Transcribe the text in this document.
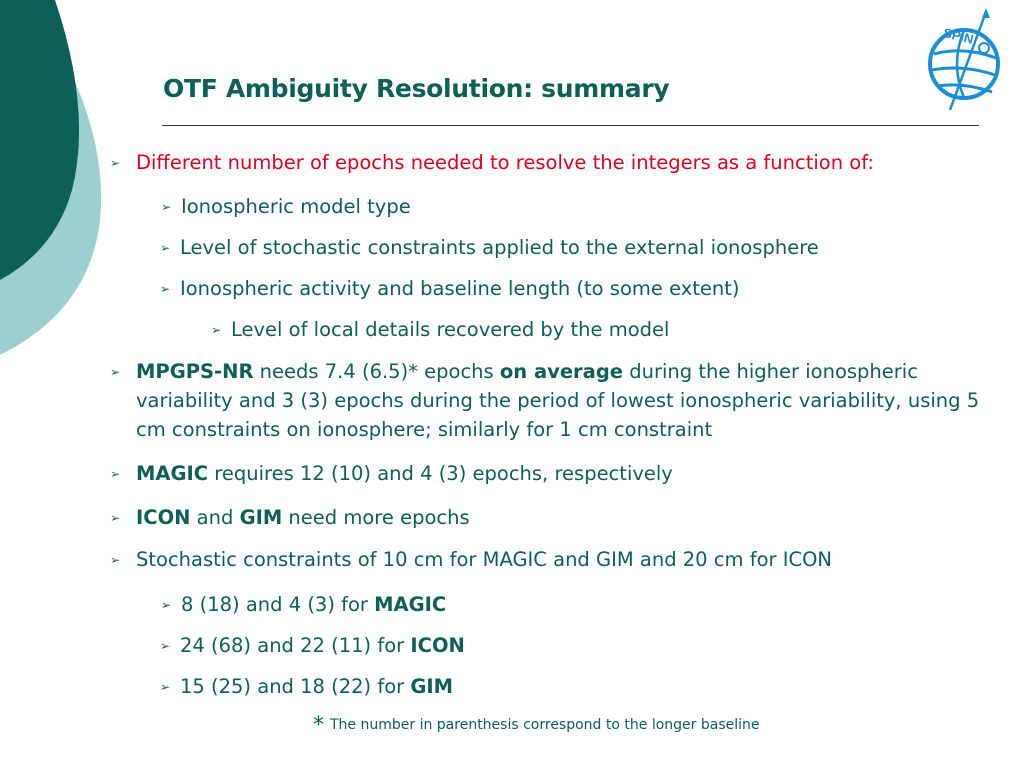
SPIN
OTF Ambiguity Resolution: summary
➢ Different number of epochs needed to resolve the integers as a function of:
➢ Ionospheric model type
➢ Level of stochastic constraints applied to the external ionosphere
➢ Ionospheric activity and baseline length (to some extent)
➢ Level of local details recovered by the model
➢ MPGPS-NR needs 7.4 (6.5)* epochs on average during the higher ionospheric variability and 3 (3) epochs during the period of lowest ionospheric variability, using 5 cm constraints on ionosphere; similarly for 1 cm constraint
➢ MAGIC requires 12 (10) and 4 (3) epochs, respectively
➢ ICON and GIM need more epochs
➢ Stochastic constraints of 10 cm for MAGIC and GIM and 20 cm for ICON
➢ 8 (18) and 4 (3) for MAGIC
➢ 24 (68) and 22 (11) for ICON
➢ 15 (25) and 18 (22) for GIM
* The number in parenthesis correspond to the longer baseline
